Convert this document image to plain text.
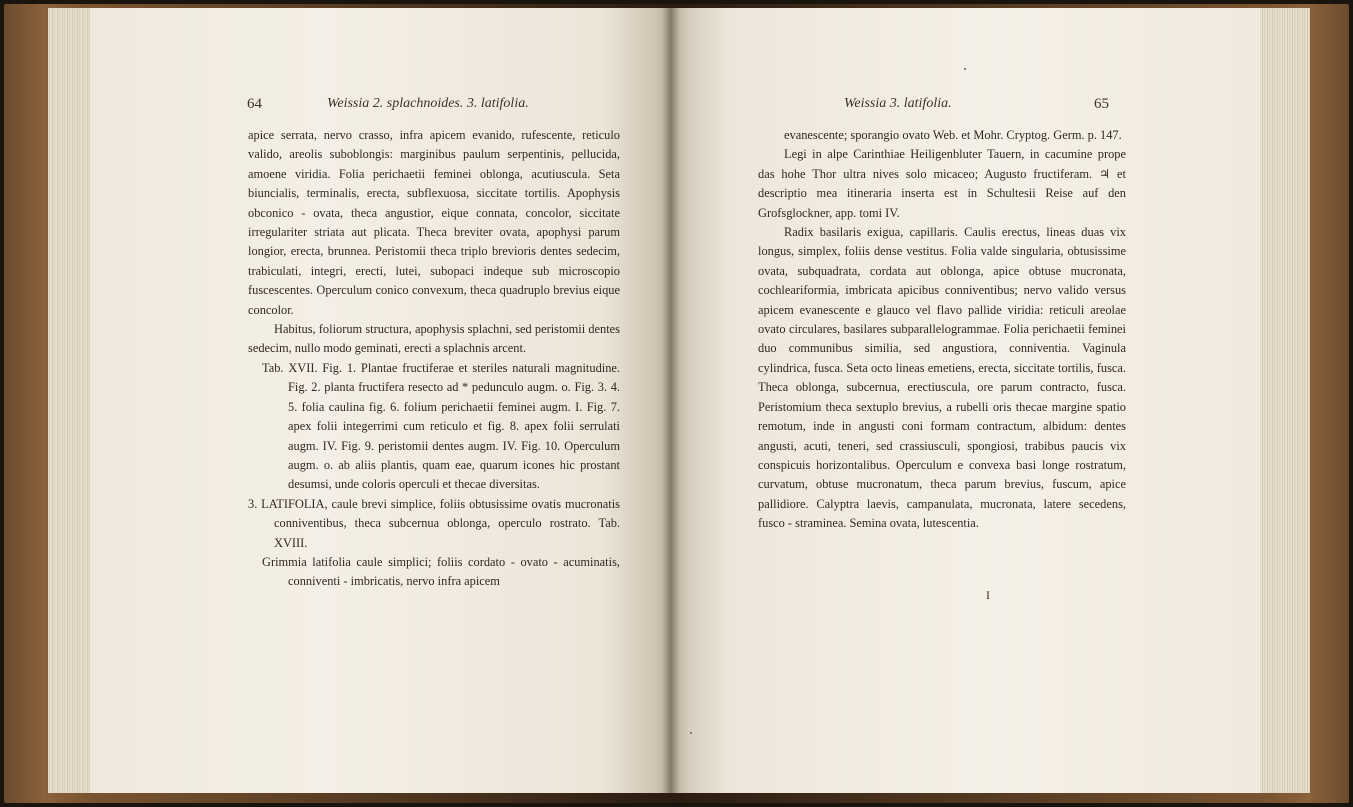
64	Weissia 2. splachnoides. 3. latifolia.

apice serrata, nervo crasso, infra apicem evanido, rufescente, reticulo valido, areolis suboblongis: marginibus paulum serpentinis, pellucida, amoene viridia. Folia perichaetii feminei oblonga, acutiuscula. Seta biuncialis, terminalis, erecta, subflexuosa, siccitate tortilis. Apophysis obconico - ovata, theca angustior, eique connata, concolor, siccitate irregulariter striata aut plicata. Theca breviter ovata, apophysi parum longior, erecta, brunnea. Peristomii theca triplo brevioris dentes sedecim, trabiculati, integri, erecti, lutei, subopaci indeque sub microscopio fuscescentes. Operculum conico convexum, theca quadruplo brevius eique concolor.

Habitus, foliorum structura, apophysis splachni, sed peristomii dentes sedecim, nullo modo geminati, erecti a splachnis arcent.

Tab. XVII. Fig. 1. Plantae fructiferae et steriles naturali magnitudine. Fig. 2. planta fructifera resecto ad * pedunculo augm. o. Fig. 3. 4. 5. folia caulina fig. 6. folium perichaetii feminei augm. I. Fig. 7. apex folii integerrimi cum reticulo et fig. 8. apex folii serrulati augm. IV. Fig. 9. peristomii dentes augm. IV. Fig. 10. Operculum augm. o. ab aliis plantis, quam eae, quarum icones hic prostant desumsi, unde coloris operculi et thecae diversitas.

3. LATIFOLIA, caule brevi simplice, foliis obtusissime ovatis mucronatis conniventibus, theca subcernua oblonga, operculo rostrato. Tab. XVIII.

Grimmia latifolia caule simplici; foliis cordato - ovato - acuminatis, conniventi - imbricatis, nervo infra apicem

Weissia 3. latifolia.	65

evanescente; sporangio ovato Web. et Mohr. Cryptog. Germ. p. 147.

Legi in alpe Carinthiae Heiligenbluter Tauern, in cacumine prope das hohe Thor ultra nives solo micaceo; Augusto fructiferam. ♃ et descriptio mea itineraria inserta est in Schultesii Reise auf den Grofsglockner, app. tomi IV.

Radix basilaris exigua, capillaris. Caulis erectus, lineas duas vix longus, simplex, foliis dense vestitus. Folia valde singularia, obtusissime ovata, subquadrata, cordata aut oblonga, apice obtuse mucronata, cochleariformia, imbricata apicibus conniventibus; nervo valido versus apicem evanescente e glauco vel flavo pallide viridia: reticuli areolae ovato circulares, basilares subparallelogrammae. Folia perichaetii feminei duo communibus similia, sed angustiora, conniventia. Vaginula cylindrica, fusca. Seta octo lineas emetiens, erecta, siccitate tortilis, fusca. Theca oblonga, subcernua, erectiuscula, ore parum contracto, fusca. Peristomium theca sextuplo brevius, a rubelli oris thecae margine spatio remotum, inde in angusti coni formam contractum, albidum: dentes angusti, acuti, teneri, sed crassiusculi, spongiosi, trabibus paucis vix conspicuis horizontalibus. Operculum e convexa basi longe rostratum, curvatum, obtuse mucronatum, theca parum brevius, fuscum, apice pallidiore. Calyptra laevis, campanulata, mucronata, latere secedens, fusco - straminea. Semina ovata, lutescentia.

I
